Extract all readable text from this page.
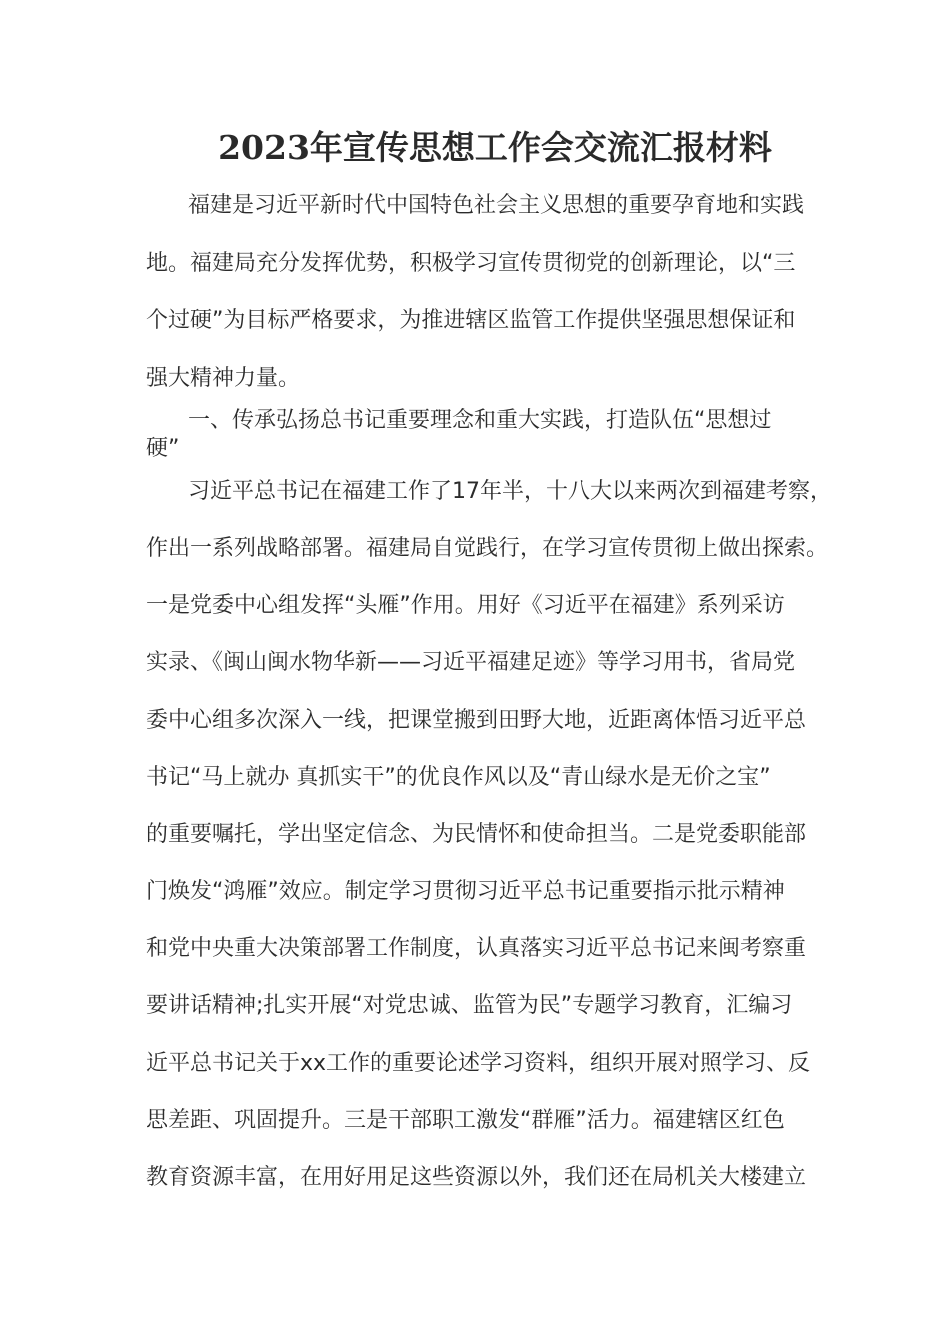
2023年宣传思想工作会交流汇报材料
福建是习近平新时代中国特色社会主义思想的重要孕育地和实践
地。福建局充分发挥优势，积极学习宣传贯彻党的创新理论，以“三
个过硬”为目标严格要求，为推进辖区监管工作提供坚强思想保证和
强大精神力量。
一、传承弘扬总书记重要理念和重大实践，打造队伍“思想过
硬”
习近平总书记在福建工作了17年半，十八大以来两次到福建考察，
作出一系列战略部署。福建局自觉践行，在学习宣传贯彻上做出探索。
一是党委中心组发挥“头雁”作用。用好《习近平在福建》系列采访
实录、《闽山闽水物华新——习近平福建足迹》等学习用书，省局党
委中心组多次深入一线，把课堂搬到田野大地，近距离体悟习近平总
书记“马上就办 真抓实干”的优良作风以及“青山绿水是无价之宝”
的重要嘱托，学出坚定信念、为民情怀和使命担当。二是党委职能部
门焕发“鸿雁”效应。制定学习贯彻习近平总书记重要指示批示精神
和党中央重大决策部署工作制度，认真落实习近平总书记来闽考察重
要讲话精神;扎实开展“对党忠诚、监管为民”专题学习教育，汇编习
近平总书记关于xx工作的重要论述学习资料，组织开展对照学习、反
思差距、巩固提升。三是干部职工激发“群雁”活力。福建辖区红色
教育资源丰富，在用好用足这些资源以外，我们还在局机关大楼建立
